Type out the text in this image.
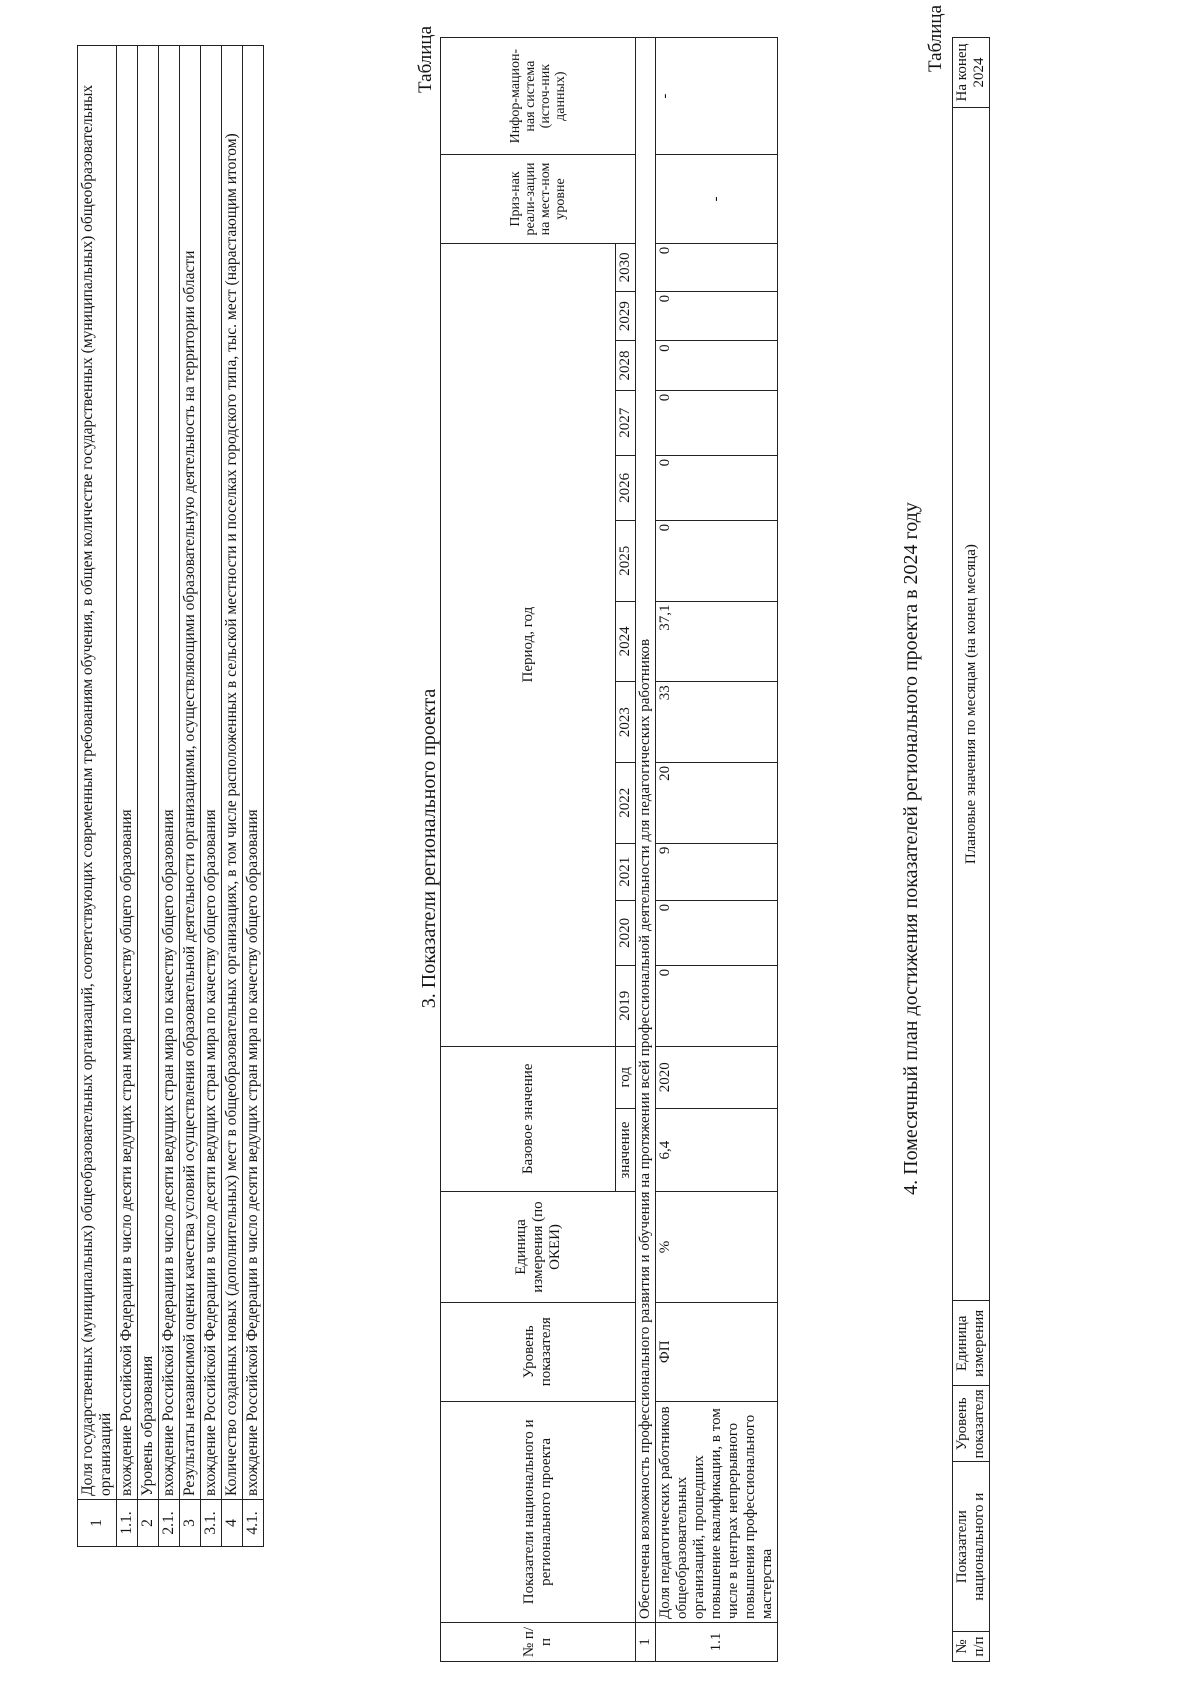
1	Доля государственных (муниципальных) общеобразовательных организаций, соответствующих современным требованиям обучения, в общем количестве государственных (муниципальных) общеобразовательных организаций
1.1.	вхождение Российской Федерации в число десяти ведущих стран мира по качеству общего образования
2	Уровень образования
2.1.	вхождение Российской Федерации в число десяти ведущих стран мира по качеству общего образования
3	Результаты независимой оценки качества условий осуществления образовательной деятельности организациями, осуществляющими образовательную деятельность на территории области
3.1.	вхождение Российской Федерации в число десяти ведущих стран мира по качеству общего образования
4	Количество созданных новых (дополнительных) мест в общеобразовательных организациях, в том числе расположенных в сельской местности и поселках городского типа, тыс. мест (нарастающим итогом)
4.1.	вхождение Российской Федерации в число десяти ведущих стран мира по качеству общего образования	3. Показатели регионального проекта
Таблица
№ п/п	Показатели национального и регионального проекта	Уровень показателя	Единица измерения (по ОКЕИ)	Базовое значение		Период, год												Приз-нак реали-зации на мест-ном уровне	Инфор-мацион-ная система (источ-ник данных)
				значение	год	2019	2020	2021	2022	2023	2024	2025	2026	2027	2028	2029	2030		
1	Обеспечена возможность профессионального развития и обучения на протяжении всей профессиональной деятельности для педагогических работников																		
1.1	Доля педагогических работников общеобразовательных организаций, прошедших повышение квалификации, в том числе в центрах непрерывного повышения профессионального мастерства	ФП	%	6,4	2020	0	0	9	20	33	37,1	0	0	0	0	0	0	-	-
4. Помесячный план достижения показателей регионального проекта в 2024 году
Таблица
№ п/п	Показатели национального и	Уровень показателя	Единица измерения	Плановые значения по месяцам (на конец месяца)	На конец 2024
